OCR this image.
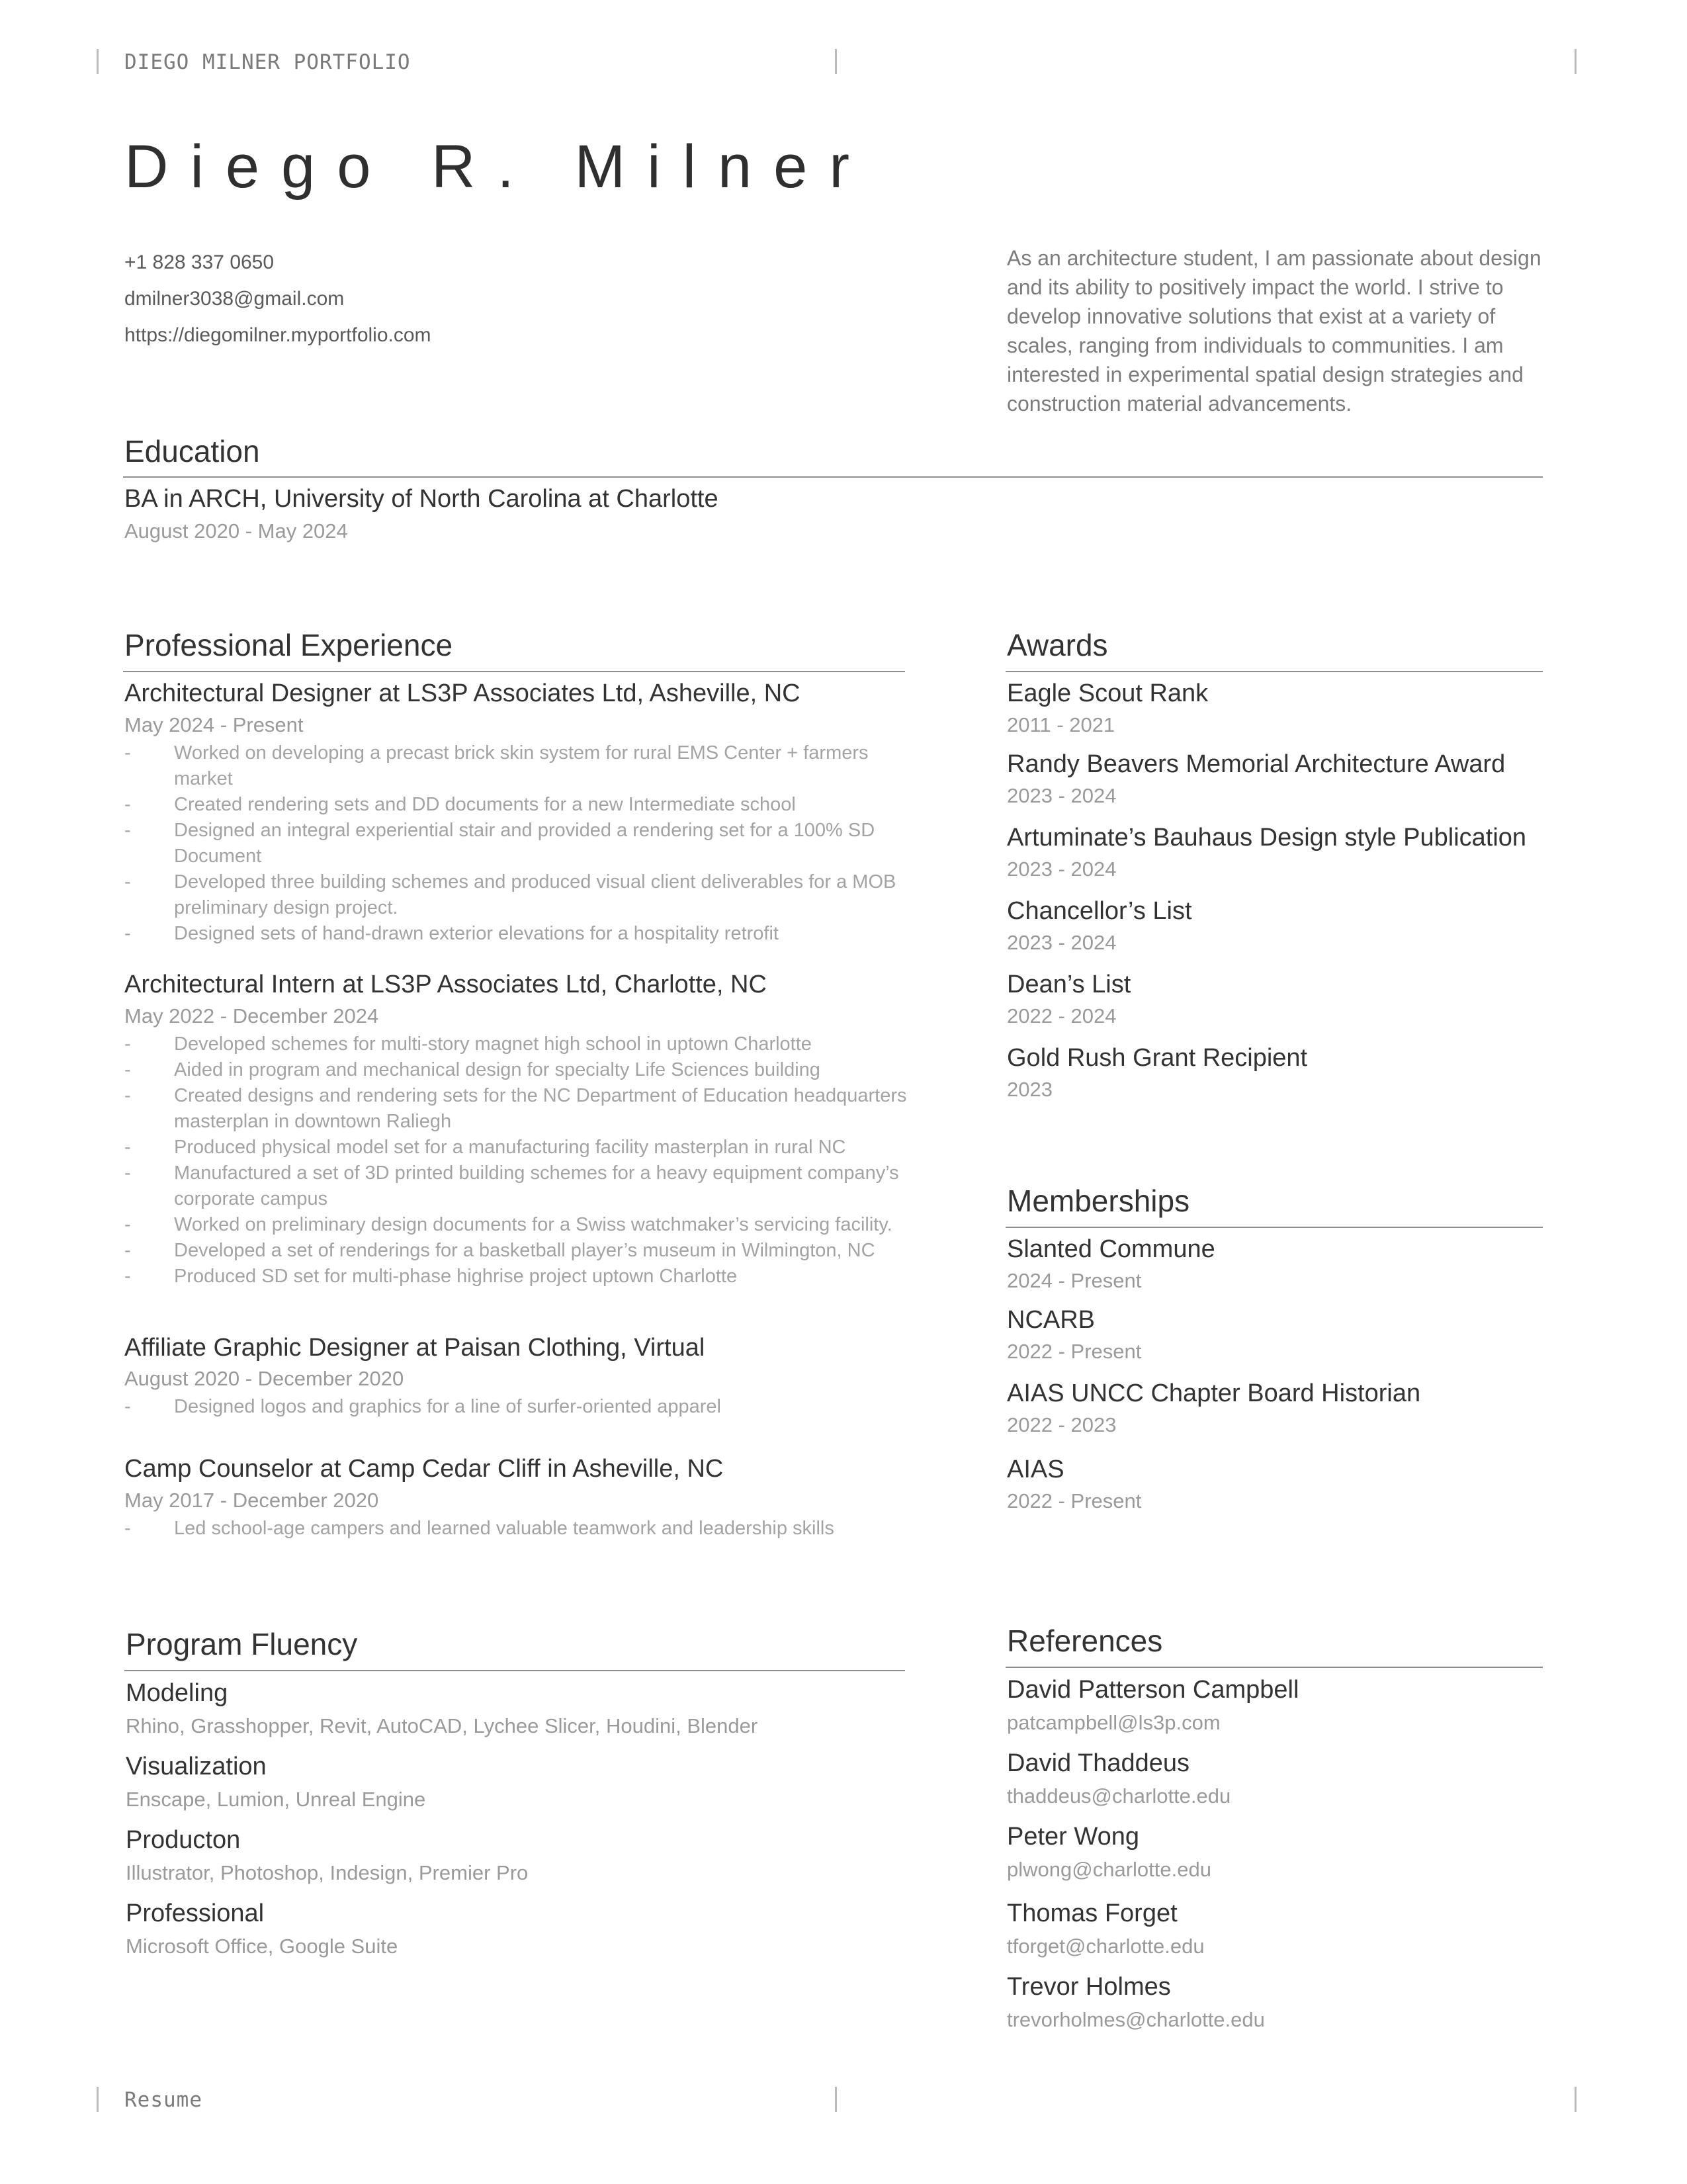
DIEGO MILNER PORTFOLIO
Resume
Diego R. Milner
+1 828 337 0650
dmilner3038@gmail.com
https://diegomilner.myportfolio.com
As an architecture student, I am passionate about design and its ability to positively impact the world. I strive to develop innovative solutions that exist at a variety of scales, ranging from individuals to communities. I am interested in experimental spatial design strategies and construction material advancements.
Education
BA in ARCH, University of North Carolina at Charlotte
August 2020 - May 2024
Professional Experience
Architectural Designer at LS3P Associates Ltd, Asheville, NC
May 2024 - Present
- Worked on developing a precast brick skin system for rural EMS Center + farmers market
- Created rendering sets and DD documents for a new Intermediate school
- Designed an integral experiential stair and provided a rendering set for a 100% SD Document
- Developed three building schemes and produced visual client deliverables for a MOB preliminary design project.
- Designed sets of hand-drawn exterior elevations for a hospitality retrofit
Architectural Intern at LS3P Associates Ltd, Charlotte, NC
May 2022 - December 2024
- Developed schemes for multi-story magnet high school in uptown Charlotte
- Aided in program and mechanical design for specialty Life Sciences building
- Created designs and rendering sets for the NC Department of Education headquarters masterplan in downtown Raliegh
- Produced physical model set for a manufacturing facility masterplan in rural NC
- Manufactured a set of 3D printed building schemes for a heavy equipment company’s corporate campus
- Worked on preliminary design documents for a Swiss watchmaker’s servicing facility.
- Developed a set of renderings for a basketball player’s museum in Wilmington, NC
- Produced SD set for multi-phase highrise project uptown Charlotte
Affiliate Graphic Designer at Paisan Clothing, Virtual
August 2020 - December 2020
- Designed logos and graphics for a line of surfer-oriented apparel
Camp Counselor at Camp Cedar Cliff in Asheville, NC
May 2017 - December 2020
- Led school-age campers and learned valuable teamwork and leadership skills
Awards
Eagle Scout Rank
2011 - 2021
Randy Beavers Memorial Architecture Award
2023 - 2024
Artuminate’s Bauhaus Design style Publication
2023 - 2024
Chancellor’s List
2023 - 2024
Dean’s List
2022 - 2024
Gold Rush Grant Recipient
2023
Memberships
Slanted Commune
2024 - Present
NCARB
2022 - Present
AIAS UNCC Chapter Board Historian
2022 - 2023
AIAS
2022 - Present
Program Fluency
Modeling
Rhino, Grasshopper, Revit, AutoCAD, Lychee Slicer, Houdini, Blender
Visualization
Enscape, Lumion, Unreal Engine
Producton
Illustrator, Photoshop, Indesign, Premier Pro
Professional
Microsoft Office, Google Suite
References
David Patterson Campbell
patcampbell@ls3p.com
David Thaddeus
thaddeus@charlotte.edu
Peter Wong
plwong@charlotte.edu
Thomas Forget
tforget@charlotte.edu
Trevor Holmes
trevorholmes@charlotte.edu
